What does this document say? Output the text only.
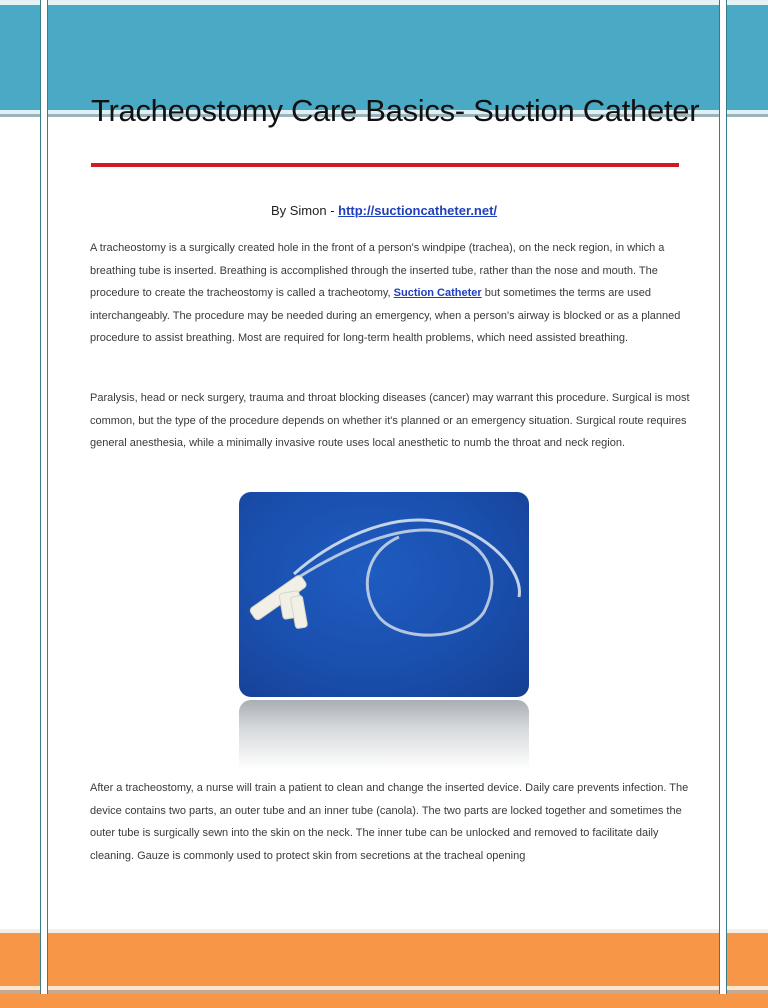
Tracheostomy Care Basics- Suction Catheter
By Simon - http://suctioncatheter.net/
A tracheostomy is a surgically created hole in the front of a person's windpipe (trachea), on the neck region, in which a breathing tube is inserted. Breathing is accomplished through the inserted tube, rather than the nose and mouth. The procedure to create the tracheostomy is called a tracheotomy, Suction Catheter but sometimes the terms are used interchangeably. The procedure may be needed during an emergency, when a person's airway is blocked or as a planned procedure to assist breathing. Most are required for long-term health problems, which need assisted breathing.
Paralysis, head or neck surgery, trauma and throat blocking diseases (cancer) may warrant this procedure. Surgical is most common, but the type of the procedure depends on whether it's planned or an emergency situation. Surgical route requires general anesthesia, while a minimally invasive route uses local anesthetic to numb the throat and neck region.
After a tracheostomy, a nurse will train a patient to clean and change the inserted device. Daily care prevents infection. The device contains two parts, an outer tube and an inner tube (canola). The two parts are locked together and sometimes the outer tube is surgically sewn into the skin on the neck. The inner tube can be unlocked and removed to facilitate daily cleaning. Gauze is commonly used to protect skin from secretions at the tracheal opening
